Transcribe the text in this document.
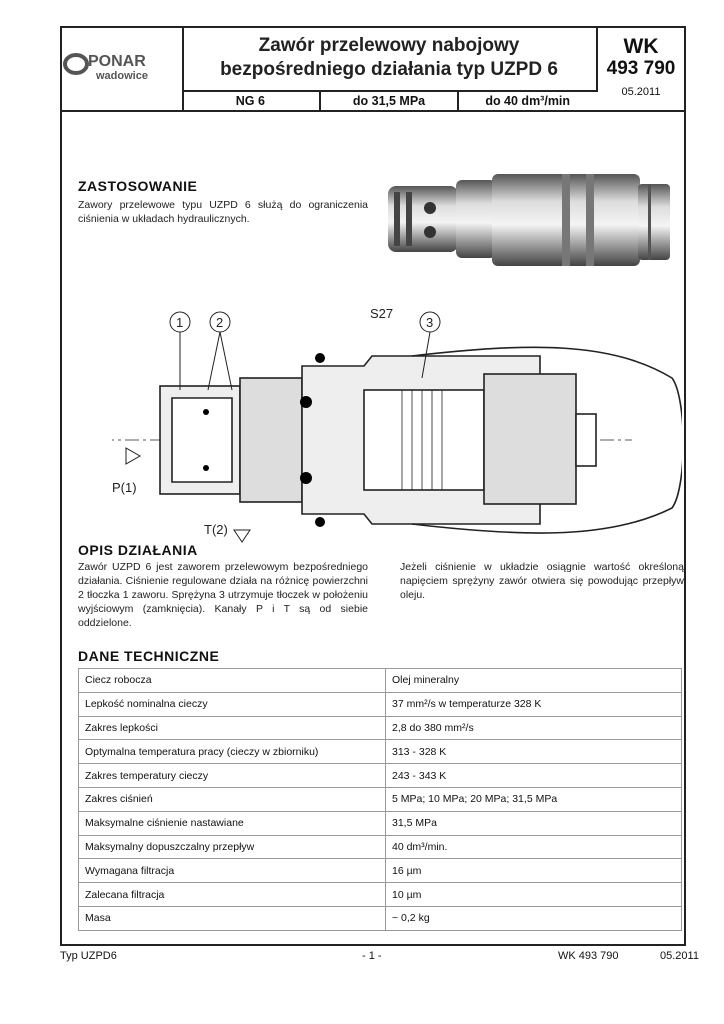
PONAR
wadowice
Zawór przelewowy nabojowy
bezpośredniego działania typ UZPD 6
NG 6	do 31,5 MPa	do 40 dm³/min
WK
493 790
05.2011
ZASTOSOWANIE
Zawory przelewowe typu UZPD 6 służą do ograniczenia ciśnienia w układach hydraulicznych.
1	2	3
S27
P(1)
T(2)
OPIS DZIAŁANIA
Zawór UZPD 6 jest zaworem przelewowym bezpośredniego działania. Ciśnienie regulowane działa na różnicę powierzchni 2 tłoczka 1 zaworu. Sprężyna 3 utrzymuje tłoczek w położeniu wyjściowym (zamknięcia). Kanały P i T są od siebie oddzielone.
Jeżeli ciśnienie w układzie osiągnie wartość określoną napięciem sprężyny zawór otwiera się powodując przepływ oleju.
DANE TECHNICZNE
Ciecz robocza	Olej mineralny
Lepkość nominalna cieczy	37 mm²/s w temperaturze 328 K
Zakres lepkości	2,8 do 380 mm²/s
Optymalna temperatura pracy (cieczy w zbiorniku)	313 - 328 K
Zakres temperatury cieczy	243 - 343 K
Zakres ciśnień	5 MPa; 10 MPa; 20 MPa; 31,5 MPa
Maksymalne ciśnienie nastawiane	31,5 MPa
Maksymalny dopuszczalny przepływ	40 dm³/min.
Wymagana filtracja	16 µm
Zalecana filtracja	10 µm
Masa	~ 0,2 kg
Typ UZPD6	- 1 -	WK 493 790	05.2011
